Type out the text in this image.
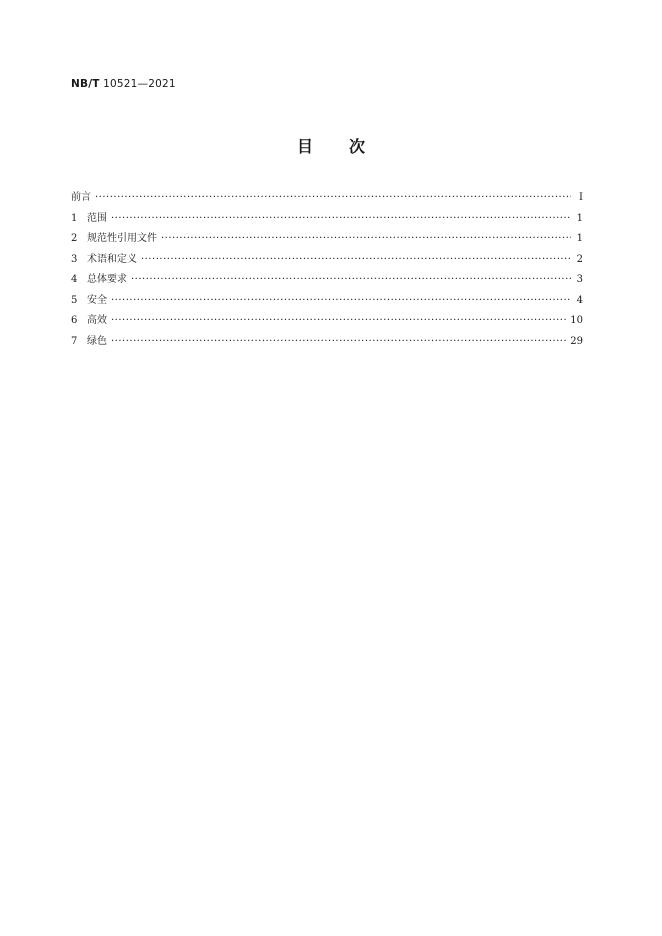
NB/T 10521—2021
目次
前言 ·····	I
1 范围 ·····	1
2 规范性引用文件 ·····	1
3 术语和定义 ·····	2
4 总体要求 ·····	3
5 安全 ·····	4
6 高效 ·····	10
7 绿色 ·····	29
